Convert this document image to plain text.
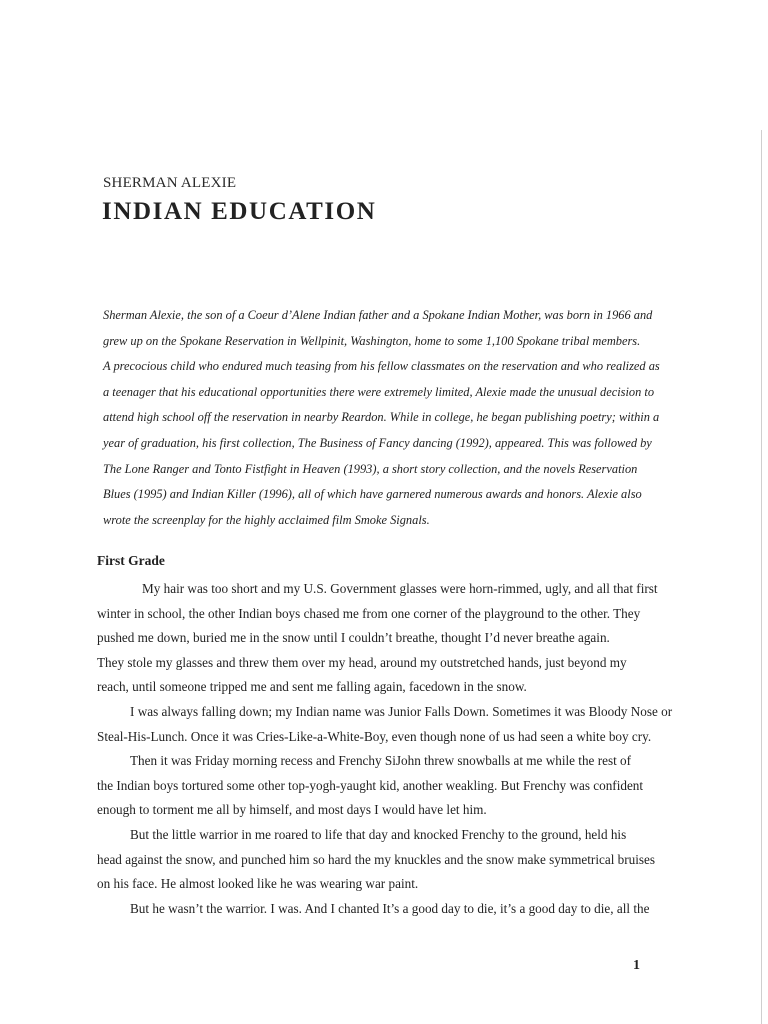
SHERMAN ALEXIE
INDIAN EDUCATION
Sherman Alexie, the son of a Coeur d’Alene Indian father and a Spokane Indian Mother, was born in 1966 and
grew up on the Spokane Reservation in Wellpinit, Washington, home to some 1,100 Spokane tribal members.
A precocious child who endured much teasing from his fellow classmates on the reservation and who realized as
a teenager that his educational opportunities there were extremely limited, Alexie made the unusual decision to
attend high school off the reservation in nearby Reardon. While in college, he began publishing poetry; within a
year of graduation, his first collection, The Business of Fancy dancing (1992), appeared. This was followed by
The Lone Ranger and Tonto Fistfight in Heaven (1993), a short story collection, and the novels Reservation
Blues (1995) and Indian Killer (1996), all of which have garnered numerous awards and honors. Alexie also
wrote the screenplay for the highly acclaimed film Smoke Signals.
First Grade
My hair was too short and my U.S. Government glasses were horn-rimmed, ugly, and all that first
winter in school, the other Indian boys chased me from one corner of the playground to the other. They
pushed me down, buried me in the snow until I couldn’t breathe, thought I’d never breathe again.
They stole my glasses and threw them over my head, around my outstretched hands, just beyond my
reach, until someone tripped me and sent me falling again, facedown in the snow.
I was always falling down; my Indian name was Junior Falls Down. Sometimes it was Bloody Nose or
Steal-His-Lunch. Once it was Cries-Like-a-White-Boy, even though none of us had seen a white boy cry.
Then it was Friday morning recess and Frenchy SiJohn threw snowballs at me while the rest of
the Indian boys tortured some other top-yogh-yaught kid, another weakling. But Frenchy was confident
enough to torment me all by himself, and most days I would have let him.
But the little warrior in me roared to life that day and knocked Frenchy to the ground, held his
head against the snow, and punched him so hard the my knuckles and the snow make symmetrical bruises
on his face. He almost looked like he was wearing war paint.
But he wasn’t the warrior. I was. And I chanted It’s a good day to die, it’s a good day to die, all the
1
